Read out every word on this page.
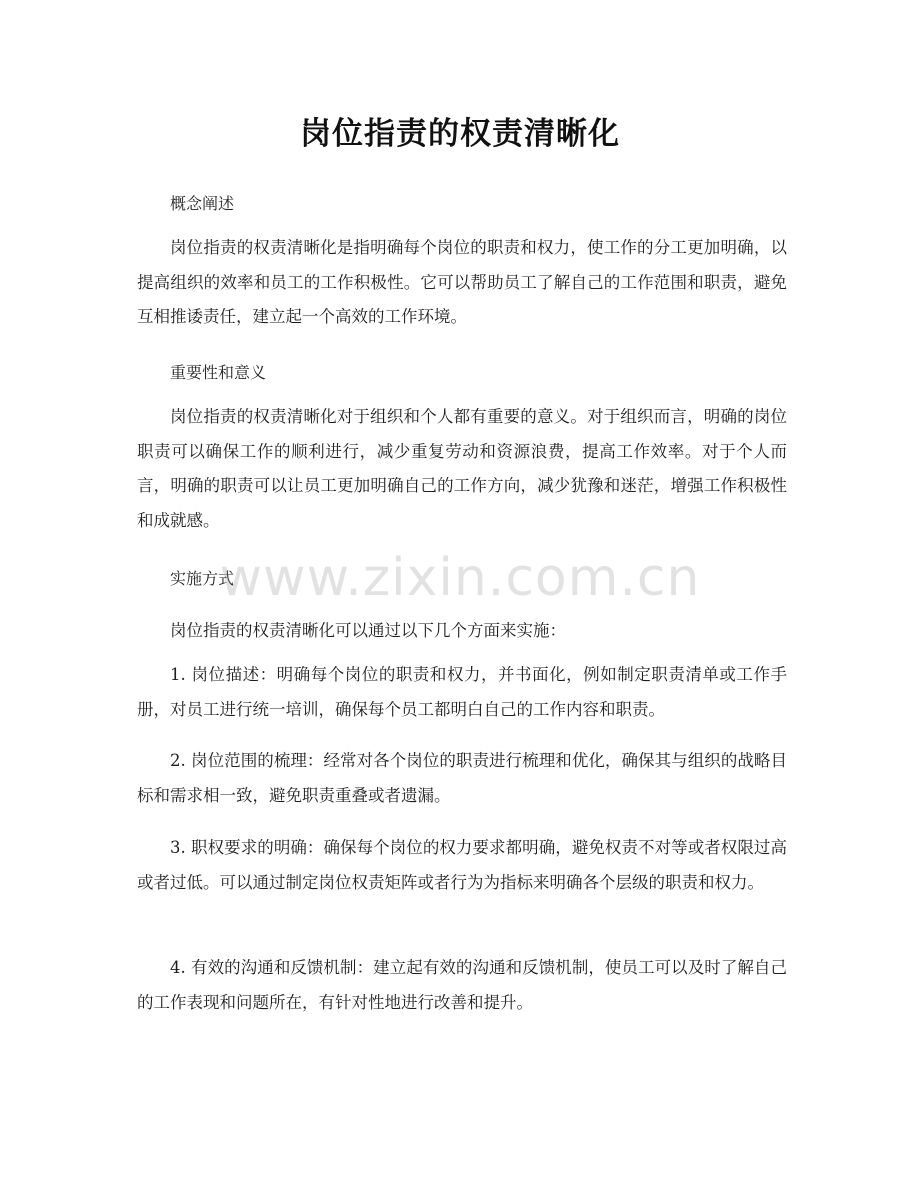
岗位指责的权责清晰化
概念阐述
岗位指责的权责清晰化是指明确每个岗位的职责和权力，使工作的分工更加明确，以提高组织的效率和员工的工作积极性。它可以帮助员工了解自己的工作范围和职责，避免互相推诿责任，建立起一个高效的工作环境。
重要性和意义
岗位指责的权责清晰化对于组织和个人都有重要的意义。对于组织而言，明确的岗位职责可以确保工作的顺利进行，减少重复劳动和资源浪费，提高工作效率。对于个人而言，明确的职责可以让员工更加明确自己的工作方向，减少犹豫和迷茫，增强工作积极性和成就感。
实施方式
岗位指责的权责清晰化可以通过以下几个方面来实施：
1. 岗位描述：明确每个岗位的职责和权力，并书面化，例如制定职责清单或工作手册，对员工进行统一培训，确保每个员工都明白自己的工作内容和职责。
2. 岗位范围的梳理：经常对各个岗位的职责进行梳理和优化，确保其与组织的战略目标和需求相一致，避免职责重叠或者遗漏。
3. 职权要求的明确：确保每个岗位的权力要求都明确，避免权责不对等或者权限过高或者过低。可以通过制定岗位权责矩阵或者行为为指标来明确各个层级的职责和权力。
4. 有效的沟通和反馈机制：建立起有效的沟通和反馈机制，使员工可以及时了解自己的工作表现和问题所在，有针对性地进行改善和提升。
www.zixin.com.cn
